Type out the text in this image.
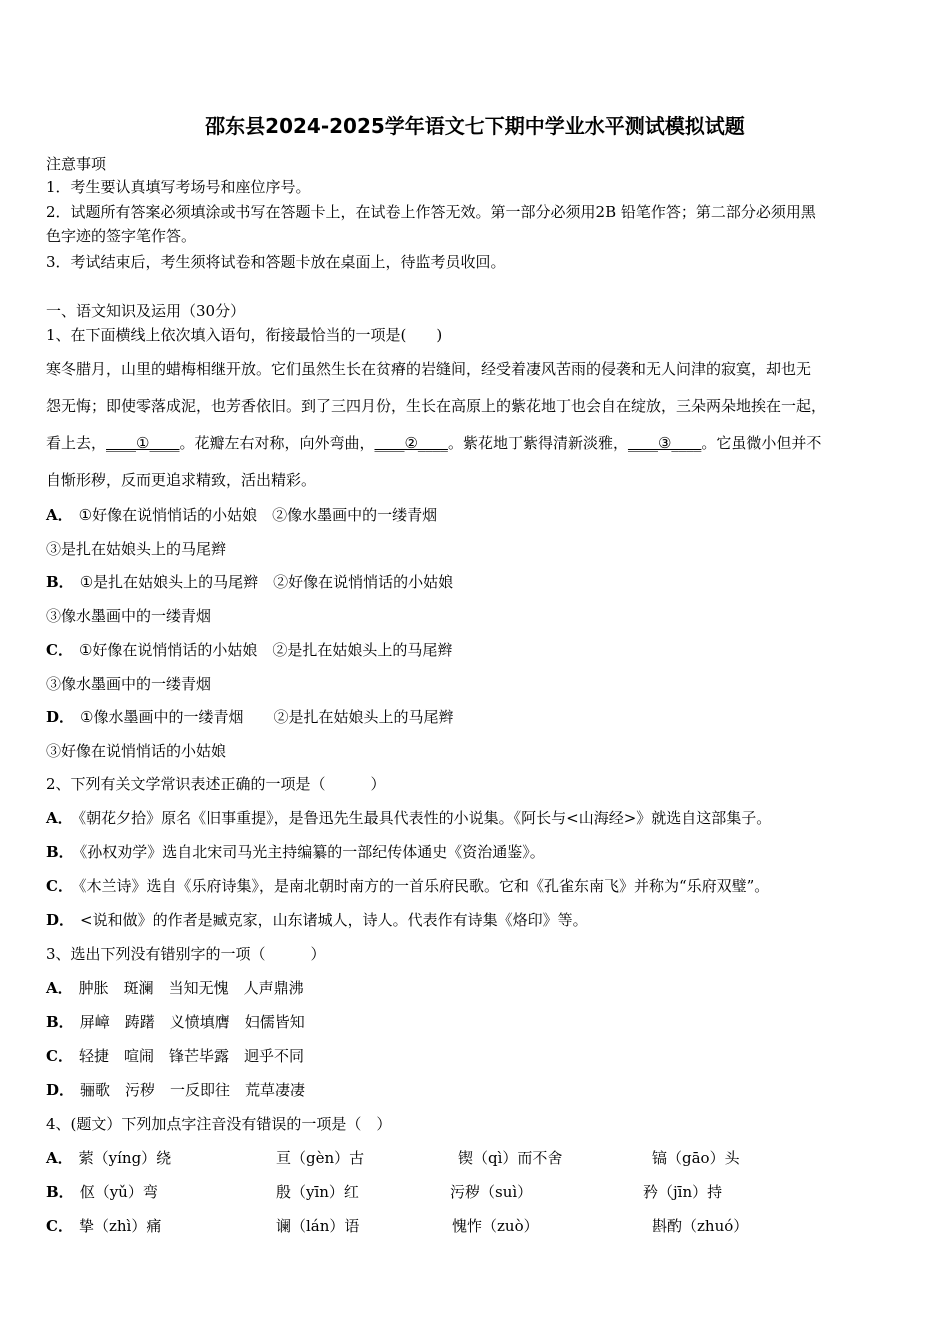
邵东县2024-2025学年语文七下期中学业水平测试模拟试题
注意事项
1．考生要认真填写考场号和座位序号。
2．试题所有答案必须填涂或书写在答题卡上，在试卷上作答无效。第一部分必须用2B 铅笔作答；第二部分必须用黑
色字迹的签字笔作答。
3．考试结束后，考生须将试卷和答题卡放在桌面上，待监考员收回。
一、语文知识及运用（30分）
1、在下面横线上依次填入语句，衔接最恰当的一项是(　　)
寒冬腊月，山里的蜡梅相继开放。它们虽然生长在贫瘠的岩缝间，经受着凄风苦雨的侵袭和无人问津的寂寞，却也无
怨无悔；即使零落成泥，也芳香依旧。到了三四月份，生长在高原上的紫花地丁也会自在绽放，三朵两朵地挨在一起，
看上去，____①____。花瓣左右对称，向外弯曲，____②____。紫花地丁紫得清新淡雅，____③____。它虽微小但并不
自惭形秽，反而更追求精致，活出精彩。
A． ①好像在说悄悄话的小姑娘　②像水墨画中的一缕青烟
③是扎在姑娘头上的马尾辫
B． ①是扎在姑娘头上的马尾辫　②好像在说悄悄话的小姑娘
③像水墨画中的一缕青烟
C． ①好像在说悄悄话的小姑娘　②是扎在姑娘头上的马尾辫
③像水墨画中的一缕青烟
D． ①像水墨画中的一缕青烟　　②是扎在姑娘头上的马尾辫
③好像在说悄悄话的小姑娘
2、下列有关文学常识表述正确的一项是（　　　）
A． 《朝花夕拾》原名《旧事重提》，是鲁迅先生最具代表性的小说集。《阿长与<山海经>》就选自这部集子。
B． 《孙权劝学》选自北宋司马光主持编纂的一部纪传体通史《资治通鉴》。
C． 《木兰诗》选自《乐府诗集》，是南北朝时南方的一首乐府民歌。它和《孔雀东南飞》并称为“乐府双璧”。
D． <说和做》的作者是臧克家，山东诸城人，诗人。代表作有诗集《烙印》等。
3、选出下列没有错别字的一项（　　　）
A． 肿胀　斑澜　当知无愧　人声鼎沸
B． 屏嶂　踌躇　义愤填膺　妇儒皆知
C． 轻捷　喧闹　锋芒毕露　迥乎不同
D． 骊歌　污秽　一反即往　荒草凄凄
4、(题文）下列加点字注音没有错误的一项是（　）
A． 萦（yíng）绕	亘（gèn）古	锲（qì）而不舍	镐（gāo）头
B． 伛（yǔ）弯	殷（yīn）红	污秽（suì）	矜（jīn）持
C． 挚（zhì）痛	谰（lán）语	愧怍（zuò）	斟酌（zhuó）
